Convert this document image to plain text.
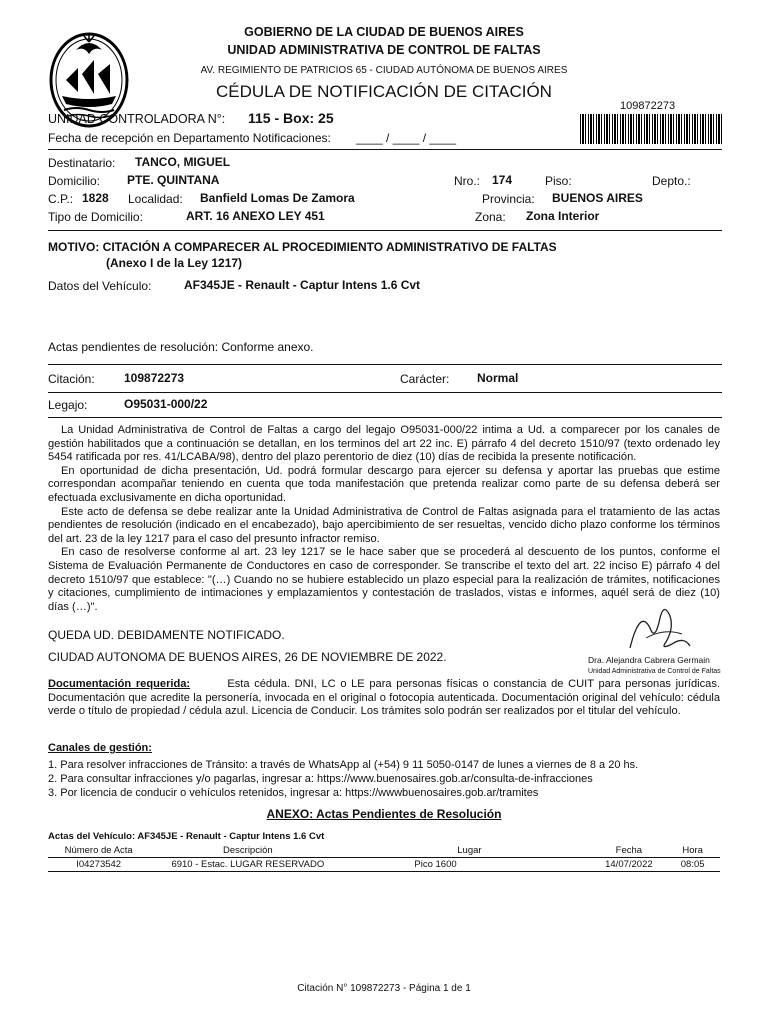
GOBIERNO DE LA CIUDAD DE BUENOS AIRES
UNIDAD ADMINISTRATIVA DE CONTROL DE FALTAS
AV. REGIMIENTO DE PATRICIOS 65 - CIUDAD AUTÓNOMA DE BUENOS AIRES
CÉDULA DE NOTIFICACIÓN DE CITACIÓN
109872273
UNIDAD CONTROLADORA N°: 115 - Box: 25
Fecha de recepción en Departamento Notificaciones: ____ / ____ / ____
Destinatario: TANCO, MIGUEL
Domicilio: PTE. QUINTANA	Nro.: 174	Piso:	Depto.:
C.P.: 1828 Localidad: Banfield Lomas De Zamora	Provincia: BUENOS AIRES
Tipo de Domicilio:	ART. 16 ANEXO LEY 451	Zona: Zona Interior
MOTIVO: CITACIÓN A COMPARECER AL PROCEDIMIENTO ADMINISTRATIVO DE FALTAS
(Anexo I de la Ley 1217)
Datos del Vehículo:	AF345JE - Renault - Captur Intens 1.6 Cvt
Actas pendientes de resolución: Conforme anexo.
Citación: 109872273	Carácter: Normal
Legajo:	O95031-000/22

La Unidad Administrativa de Control de Faltas a cargo del legajo O95031-000/22 intima a Ud. a comparecer por los canales de gestión habilitados que a continuación se detallan, en los terminos del art 22 inc. E) párrafo 4 del decreto 1510/97 (texto ordenado ley 5454 ratificada por res. 41/LCABA/98), dentro del plazo perentorio de diez (10) días de recibida la presente notificación.

En oportunidad de dicha presentación, Ud. podrá formular descargo para ejercer su defensa y aportar las pruebas que estime correspondan acompañar teniendo en cuenta que toda manifestación que pretenda realizar como parte de su defensa deberá ser efectuada exclusivamente en dicha oportunidad.

Este acto de defensa se debe realizar ante la Unidad Administrativa de Control de Faltas asignada para el tratamiento de las actas pendientes de resolución (indicado en el encabezado), bajo apercibimiento de ser resueltas, vencido dicho plazo conforme los términos del art. 23 de la ley 1217 para el caso del presunto infractor remiso.

En caso de resolverse conforme al art. 23 ley 1217 se le hace saber que se procederá al descuento de los puntos, conforme el Sistema de Evaluación Permanente de Conductores en caso de corresponder. Se transcribe el texto del art. 22 inciso E) párrafo 4 del decreto 1510/97 que establece: "(…) Cuando no se hubiere establecido un plazo especial para la realización de trámites, notificaciones y citaciones, cumplimiento de intimaciones y emplazamientos y contestación de traslados, vistas e informes, aquél será de diez (10) días (…)".

QUEDA UD. DEBIDAMENTE NOTIFICADO.
CIUDAD AUTONOMA DE BUENOS AIRES, 26 DE NOVIEMBRE DE 2022.	Dra. Alejandra Cabrera Germain
Unidad Administrativa de Control de Faltas
Documentación requerida:	Esta cédula. DNI, LC o LE para personas físicas o constancia de CUIT para personas jurídicas. Documentación que acredite la personería, invocada en el original o fotocopia autenticada. Documentación original del vehículo: cédula verde o título de propiedad / cédula azul. Licencia de Conducir. Los trámites solo podrán ser realizados por el titular del vehículo.
Canales de gestión:
1. Para resolver infracciones de Tránsito: a través de WhatsApp al (+54) 9 11 5050-0147 de lunes a viernes de 8 a 20 hs.
2. Para consultar infracciones y/o pagarlas, ingresar a: https://www.buenosaires.gob.ar/consulta-de-infracciones
3. Por licencia de conducir o vehículos retenidos, ingresar a: https://wwwbuenosaires.gob.ar/tramites
ANEXO: Actas Pendientes de Resolución
Actas del Vehículo: AF345JE - Renault - Captur Intens 1.6 Cvt
Número de Acta	Descripción	Lugar	Fecha	Hora
I04273542	6910 - Estac. LUGAR RESERVADO	Pico 1600	14/07/2022	08:05
Citación N° 109872273 - Página 1 de 1
